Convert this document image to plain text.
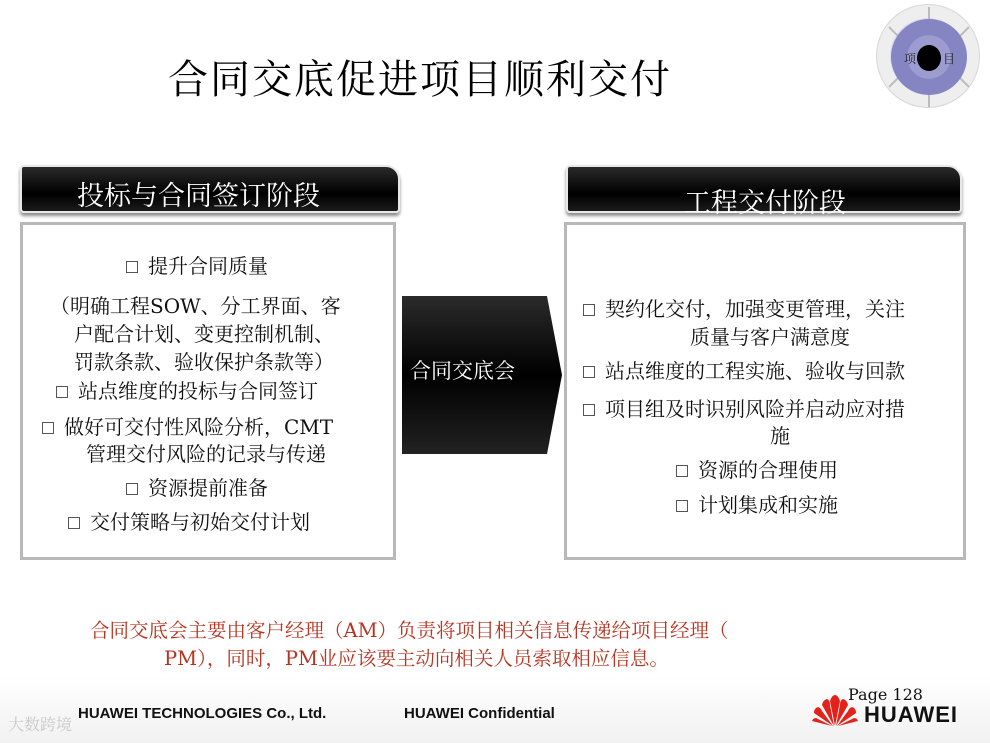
合同交底促进项目顺利交付	项 目
投标与合同签订阶段
提升合同质量
（明确工程SOW、分工界面、客
户配合计划、变更控制机制、
罚款条款、验收保护条款等）
站点维度的投标与合同签订
做好可交付性风险分析，CMT
管理交付风险的记录与传递
资源提前准备
交付策略与初始交付计划
合同交底会
工程交付阶段
契约化交付，加强变更管理，关注
质量与客户满意度
站点维度的工程实施、验收与回款
项目组及时识别风险并启动应对措
施
资源的合理使用
计划集成和实施
合同交底会主要由客户经理（AM）负责将项目相关信息传递给项目经理（
PM），同时，PM业应该要主动向相关人员索取相应信息。
大数跨境
HUAWEI TECHNOLOGIES Co., Ltd.	HUAWEI Confidential
Page 128
HUAWEI
